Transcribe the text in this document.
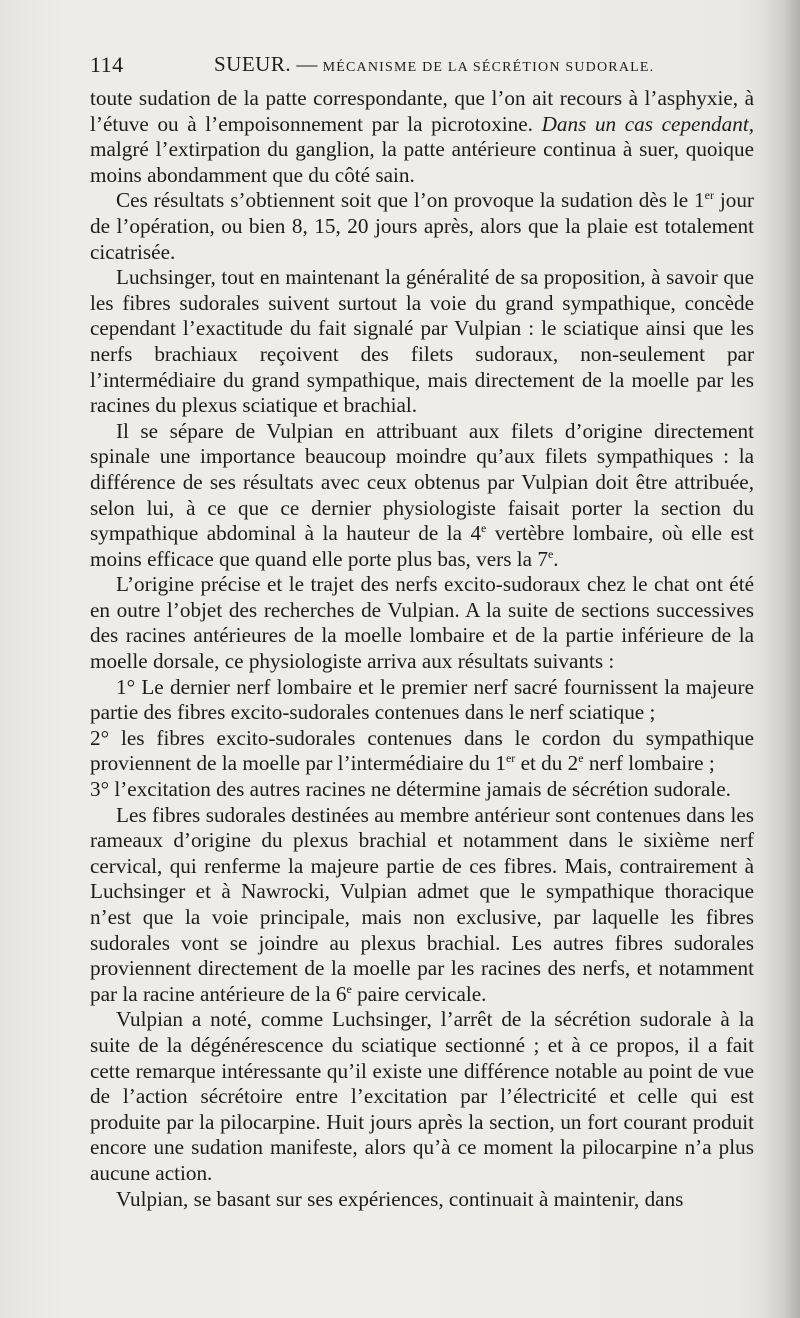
114	SUEUR. — MÉCANISME DE LA SÉCRÉTION SUDORALE.

toute sudation de la patte correspondante, que l’on ait recours à l’asphyxie, à l’étuve ou à l’empoisonnement par la picrotoxine. Dans un cas cependant, malgré l’extirpation du ganglion, la patte antérieure continua à suer, quoique moins abondamment que du côté sain.

Ces résultats s’obtiennent soit que l’on provoque la sudation dès le 1er jour de l’opération, ou bien 8, 15, 20 jours après, alors que la plaie est totalement cicatrisée.

Luchsinger, tout en maintenant la généralité de sa proposition, à savoir que les fibres sudorales suivent surtout la voie du grand sympathique, concède cependant l’exactitude du fait signalé par Vulpian : le sciatique ainsi que les nerfs brachiaux reçoivent des filets sudoraux, non-seulement par l’intermédiaire du grand sympathique, mais directement de la moelle par les racines du plexus sciatique et brachial.

Il se sépare de Vulpian en attribuant aux filets d’origine directement spinale une importance beaucoup moindre qu’aux filets sympathiques : la différence de ses résultats avec ceux obtenus par Vulpian doit être attribuée, selon lui, à ce que ce dernier physiologiste faisait porter la section du sympathique abdominal à la hauteur de la 4e vertèbre lombaire, où elle est moins efficace que quand elle porte plus bas, vers la 7e.

L’origine précise et le trajet des nerfs excito-sudoraux chez le chat ont été en outre l’objet des recherches de Vulpian. A la suite de sections successives des racines antérieures de la moelle lombaire et de la partie inférieure de la moelle dorsale, ce physiologiste arriva aux résultats suivants :

1° Le dernier nerf lombaire et le premier nerf sacré fournissent la majeure partie des fibres excito-sudorales contenues dans le nerf sciatique ;

2° les fibres excito-sudorales contenues dans le cordon du sympathique proviennent de la moelle par l’intermédiaire du 1er et du 2e nerf lombaire ;

3° l’excitation des autres racines ne détermine jamais de sécrétion sudorale.

Les fibres sudorales destinées au membre antérieur sont contenues dans les rameaux d’origine du plexus brachial et notamment dans le sixième nerf cervical, qui renferme la majeure partie de ces fibres. Mais, contrairement à Luchsinger et à Nawrocki, Vulpian admet que le sympathique thoracique n’est que la voie principale, mais non exclusive, par laquelle les fibres sudorales vont se joindre au plexus brachial. Les autres fibres sudorales proviennent directement de la moelle par les racines des nerfs, et notamment par la racine antérieure de la 6e paire cervicale.

Vulpian a noté, comme Luchsinger, l’arrêt de la sécrétion sudorale à la suite de la dégénérescence du sciatique sectionné ; et à ce propos, il a fait cette remarque intéressante qu’il existe une différence notable au point de vue de l’action sécrétoire entre l’excitation par l’électricité et celle qui est produite par la pilocarpine. Huit jours après la section, un fort courant produit encore une sudation manifeste, alors qu’à ce moment la pilocarpine n’a plus aucune action.

Vulpian, se basant sur ses expériences, continuait à maintenir, dans
